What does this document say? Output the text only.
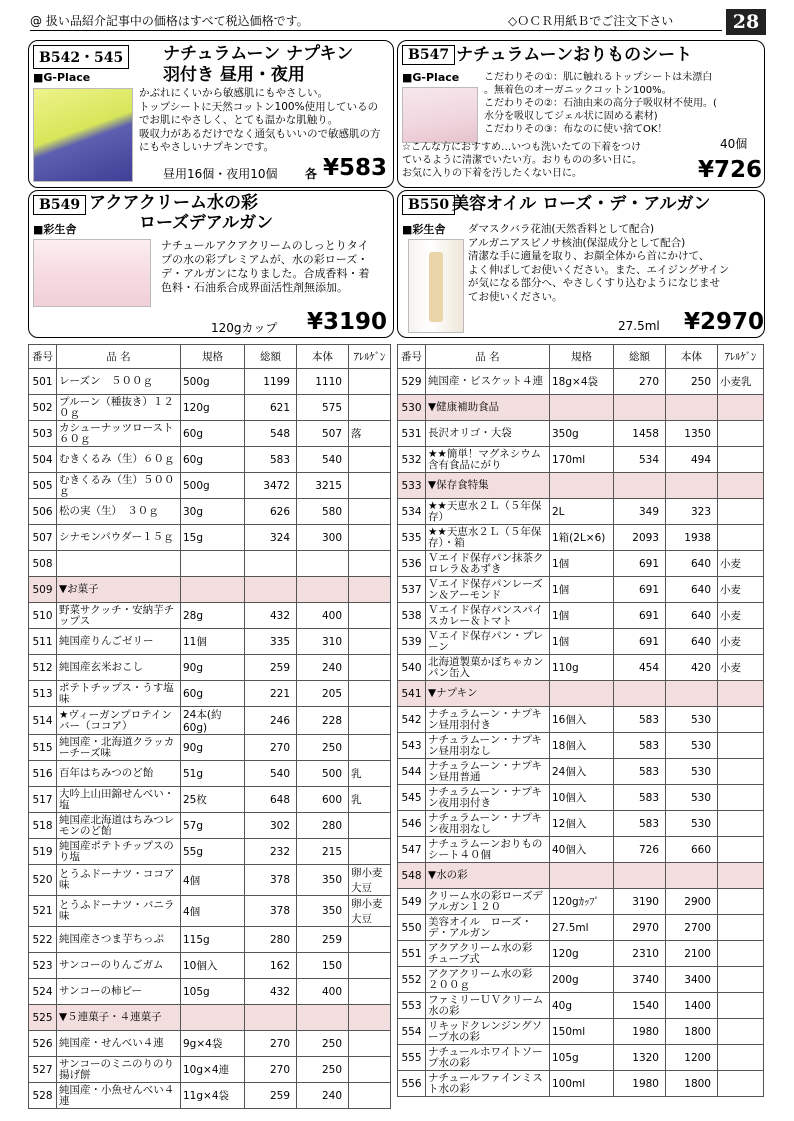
@ 扱い品紹介記事中の価格はすべて税込価格です。	◇ＯＣＲ用紙Ｂでご注文下さい	28
B542・545	ナチュラムーン ナプキン
羽付き 昼用・夜用
■G-Place
かぶれにくいから敏感肌にもやさしい。
トップシートに天然コットン100%使用しているの
でお肌にやさしく、とても温かな肌触り。
吸収力があるだけでなく通気もいいので敏感肌の方
にもやさしいナプキンです。
昼用16個・夜用10個 各 ¥583
B547 ナチュラムーンおりものシート
■G-Place こだわりその①：肌に触れるトップシートは未漂白
。無着色のオーガニックコットン100%。
こだわりその②：石油由来の高分子吸収材不使用。(
水分を吸収してジェル状に固める素材)
こだわりその③：布なのに使い捨てOK！
☆こんな方におすすめ…いつも洗いたての下着をつけ
ているように清潔でいたい方。おりものの多い日に。
お気に入りの下着を汚したくない日に。
40個
¥726
B549 アクアクリーム水の彩
ローズデアルガン
■彩生舎
ナチュールアクアクリームのしっとりタイ
プの水の彩プレミアムが、水の彩ローズ・
デ・アルガンになりました。合成香料・着
色料・石油系合成界面活性剤無添加。
120gカップ ¥3190
B550 美容オイル ローズ・デ・アルガン
■彩生舎 ダマスクバラ花油(天然香料として配合)
アルガニアスピノサ核油(保湿成分として配合)
清潔な手に適量を取り、お顔全体から首にかけて、
よく伸ばしてお使いください。また、エイジングサイン
が気になる部分へ、やさしくすり込むようになじませ
てお使いください。
27.5ml ¥2970
番号	品 名	規格	総額	本体	ｱﾚﾙｹﾞﾝ

501	レーズン　５００ｇ	500g	1199	1110	

502	プルーン（種抜き）１２０ｇ	120g	621	575	

503	カシューナッツロースト　６０ｇ	60g	548	507	落

504	むきくるみ（生）６０ｇ	60g	583	540	

505	むきくるみ（生）５００ｇ	500g	3472	3215	

506	松の実（生）　３０ｇ	30g	626	580	

507	シナモンパウダー１５ｇ	15g	324	300	

508					

509	▼お菓子				

510	野菜サクッチ・安納芋チップス	28g	432	400	

511	純国産りんごゼリー	11個	335	310	

512	純国産玄米おこし	90g	259	240	

513	ポテトチップス・うす塩味	60g	221	205	

514	★ヴィーガンプロテインバー（ココア）	24本(約60g)	246	228	

515	純国産・北海道クラッカーチーズ味	90g	270	250	

516	百年はちみつのど飴	51g	540	500	乳

517	大吟上山田錦せんべい・塩	25枚	648	600	乳

518	純国産北海道はちみつレモンのど飴	57g	302	280	

519	純国産ポテトチップスのり塩	55g	232	215	

520	とうふドーナツ・ココア味	4個	378	350	卵小麦大豆

521	とうふドーナツ・バニラ味	4個	378	350	卵小麦大豆

522	純国産さつま芋ちっぷ	115g	280	259	

523	サンコーのりんごガム	10個入	162	150	

524	サンコーの柿ピー	105g	432	400	

525	▼５連菓子・４連菓子				

526	純国産・せんべい４連	9g×4袋	270	250	

527	サンコーのミニのりのり揚げ餅	10g×4連	270	250	

528	純国産・小魚せんべい４連	11g×4袋	259	240	

番号	品 名	規格	総額	本体	ｱﾚﾙｹﾞﾝ

529	純国産・ビスケット４連	18g×4袋	270	250	小麦乳

530	▼健康補助食品				

531	長沢オリゴ・大袋	350g	1458	1350	

532	★★簡単！マグネシウム含有食品にがり	170ml	534	494	

533	▼保存食特集				

534	★★天恵水２Ｌ（５年保存）	2L	349	323	

535	★★天恵水２Ｌ（５年保存）・箱	1箱(2L×6)	2093	1938	

536	Ｖエイド保存パン抹茶クロレラ＆あずき	1個	691	640	小麦

537	Ｖエイド保存パンレーズン＆アーモンド	1個	691	640	小麦

538	Ｖエイド保存パンスパイスカレー＆トマト	1個	691	640	小麦

539	Ｖエイド保存パン・プレーン	1個	691	640	小麦

540	北海道製菓かぼちゃカンパン缶入	110g	454	420	小麦

541	▼ナプキン				

542	ナチュラムーン・ナプキン昼用羽付き	16個入	583	530	

543	ナチュラムーン・ナプキン昼用羽なし	18個入	583	530	

544	ナチュラムーン・ナプキン昼用普通	24個入	583	530	

545	ナチュラムーン・ナプキン夜用羽付き	10個入	583	530	

546	ナチュラムーン・ナプキン夜用羽なし	12個入	583	530	

547	ナチュラムーンおりものシート４０個	40個入	726	660	

548	▼水の彩				

549	クリーム水の彩ローズデアルガン１２０	120gｶｯﾌﾟ	3190	2900	

550	美容オイル　ローズ・デ・アルガン	27.5ml	2970	2700	

551	アクアクリーム水の彩　チューブ式	120g	2310	2100	

552	アクアクリーム水の彩　２００ｇ	200g	3740	3400	

553	ファミリーＵＶクリーム水の彩	40g	1540	1400	

554	リキッドクレンジングソープ水の彩	150ml	1980	1800	

555	ナチュールホワイトソープ水の彩	105g	1320	1200	

556	ナチュールファインミスト水の彩	100ml	1980	1800	
